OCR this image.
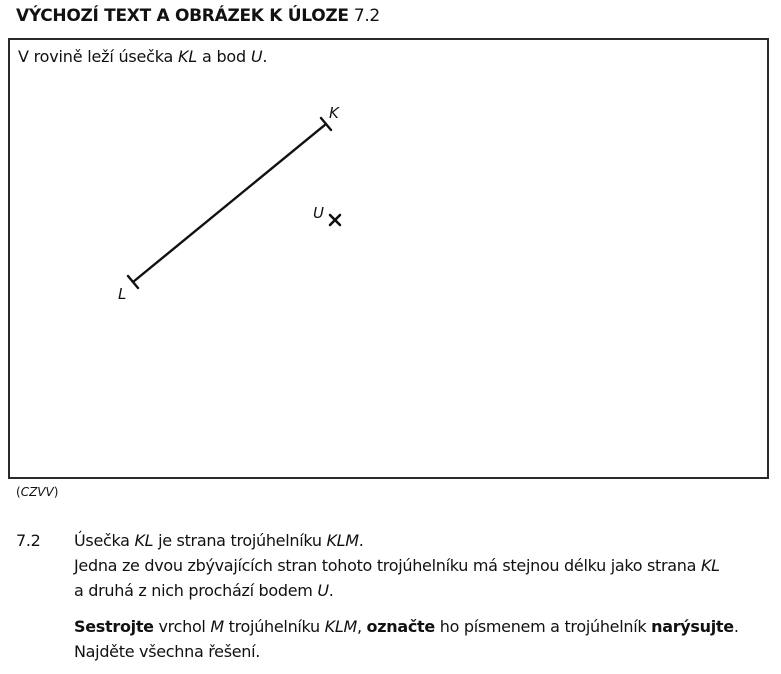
VÝCHOZÍ TEXT A OBRÁZEK K ÚLOZE 7.2
V rovině leží úsečka KL a bod U.
K
L
U
(CZVV)
7.2 Úsečka KL je strana trojúhelníku KLM.

Jedna ze dvou zbývajících stran tohoto trojúhelníku má stejnou délku jako strana KL

a druhá z nich prochází bodem U.

Sestrojte vrchol M trojúhelníku KLM, označte ho písmenem a trojúhelník narýsujte.

Najděte všechna řešení.
